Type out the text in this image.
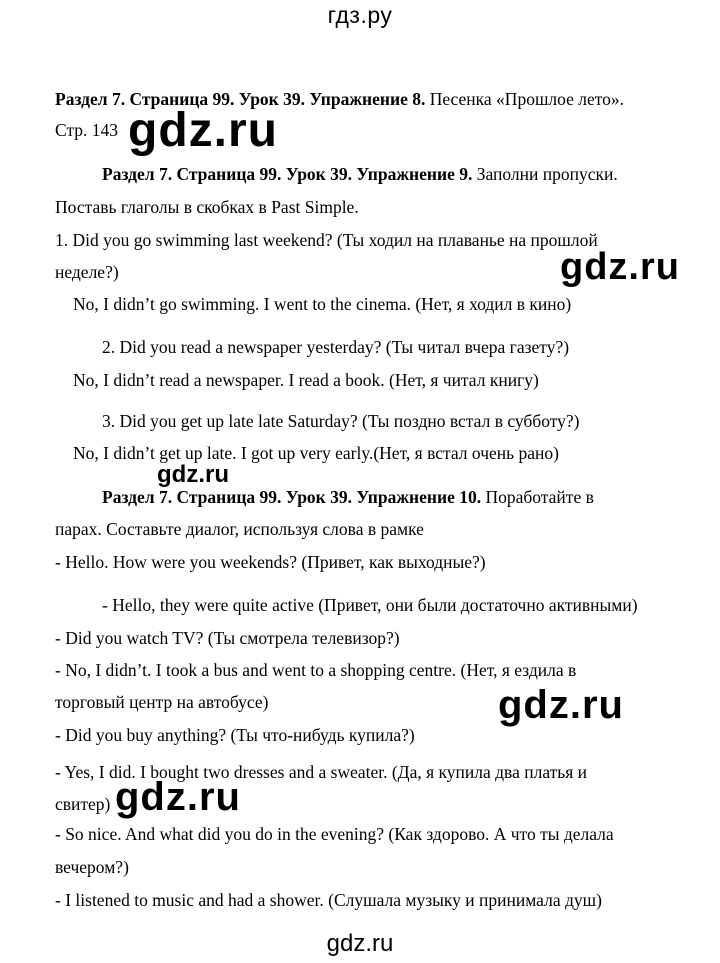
гдз.ру
Раздел 7. Страница 99. Урок 39. Упражнение 8. Песенка «Прошлое лето».
Стр. 143
Раздел 7. Страница 99. Урок 39. Упражнение 9. Заполни пропуски.
Поставь глаголы в скобках в Past Simple.
1. Did you go swimming last weekend? (Ты ходил на плаванье на прошлой
неделе?)
No, I didn’t go swimming. I went to the cinema. (Нет, я ходил в кино)
2. Did you read a newspaper yesterday? (Ты читал вчера газету?)
No, I didn’t read a newspaper. I read a book. (Нет, я читал книгу)
3. Did you get up late late Saturday? (Ты поздно встал в субботу?)
No, I didn’t get up late. I got up very early.(Нет, я встал очень рано)
Раздел 7. Страница 99. Урок 39. Упражнение 10. Поработайте в
парах. Составьте диалог, используя слова в рамке
- Hello. How were you weekends? (Привет, как выходные?)
- Hello, they were quite active (Привет, они были достаточно активными)
- Did you watch TV? (Ты смотрела телевизор?)
- No, I didn’t. I took a bus and went to a shopping centre. (Нет, я ездила в
торговый центр на автобусе)
- Did you buy anything? (Ты что-нибудь купила?)
- Yes, I did. I bought two dresses and a sweater. (Да, я купила два платья и
свитер)
- So nice. And what did you do in the evening? (Как здорово. А что ты делала
вечером?)
- I listened to music and had a shower. (Слушала музыку и принимала душ)
gdz.ru
gdz.ru
gdz.ru
gdz.ru
gdz.ru
gdz.ru
